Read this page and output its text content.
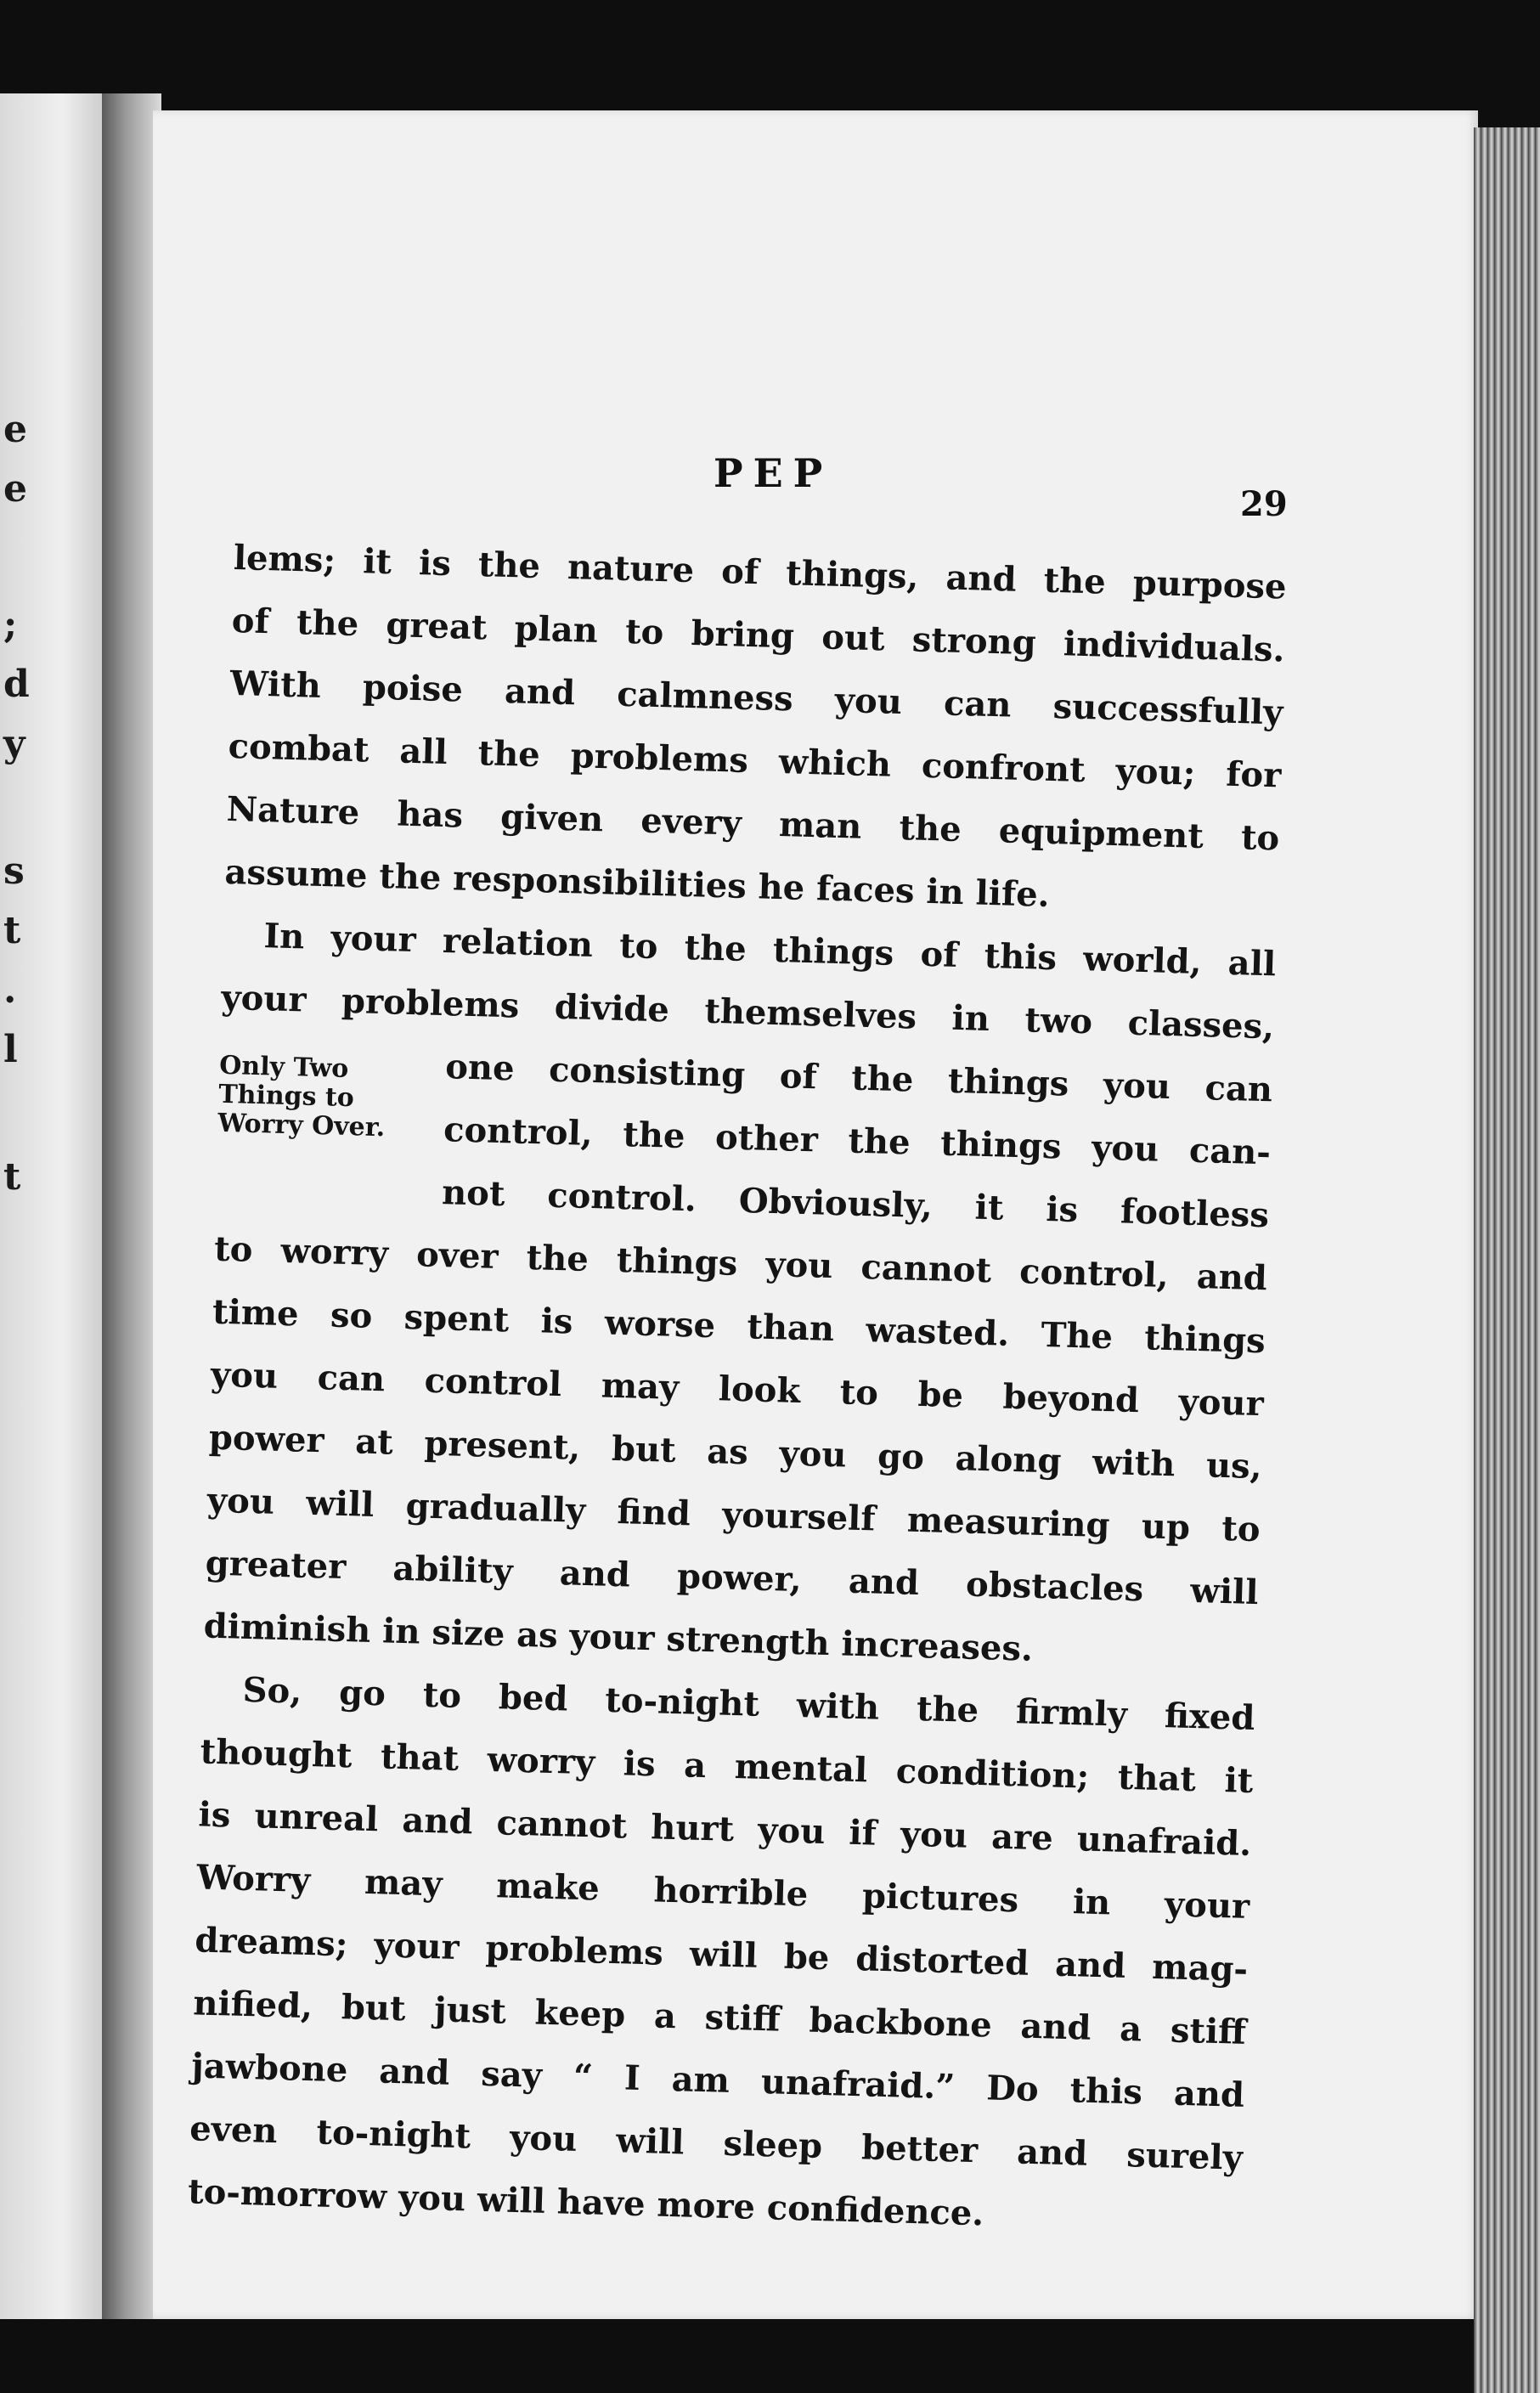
e
e
;
d
y
s
t
.
l
t
PEP
29
lems; it is the nature of things, and the purpose
of the great plan to bring out strong individuals.
With poise and calmness you can successfully
combat all the problems which confront you; for
Nature has given every man the equipment to
assume the responsibilities he faces in life.
In your relation to the things of this world, all
your problems divide themselves in two classes,
Only Two
Things to
Worry Over.
one consisting of the things you can
control, the other the things you can-
not control. Obviously, it is footless
to worry over the things you cannot control, and
time so spent is worse than wasted. The things
you can control may look to be beyond your
power at present, but as you go along with us,
you will gradually find yourself measuring up to
greater ability and power, and obstacles will
diminish in size as your strength increases.
So, go to bed to-night with the firmly fixed
thought that worry is a mental condition; that it
is unreal and cannot hurt you if you are unafraid.
Worry may make horrible pictures in your
dreams; your problems will be distorted and mag-
nified, but just keep a stiff backbone and a stiff
jawbone and say “ I am unafraid.” Do this and
even to-night you will sleep better and surely
to-morrow you will have more confidence.
